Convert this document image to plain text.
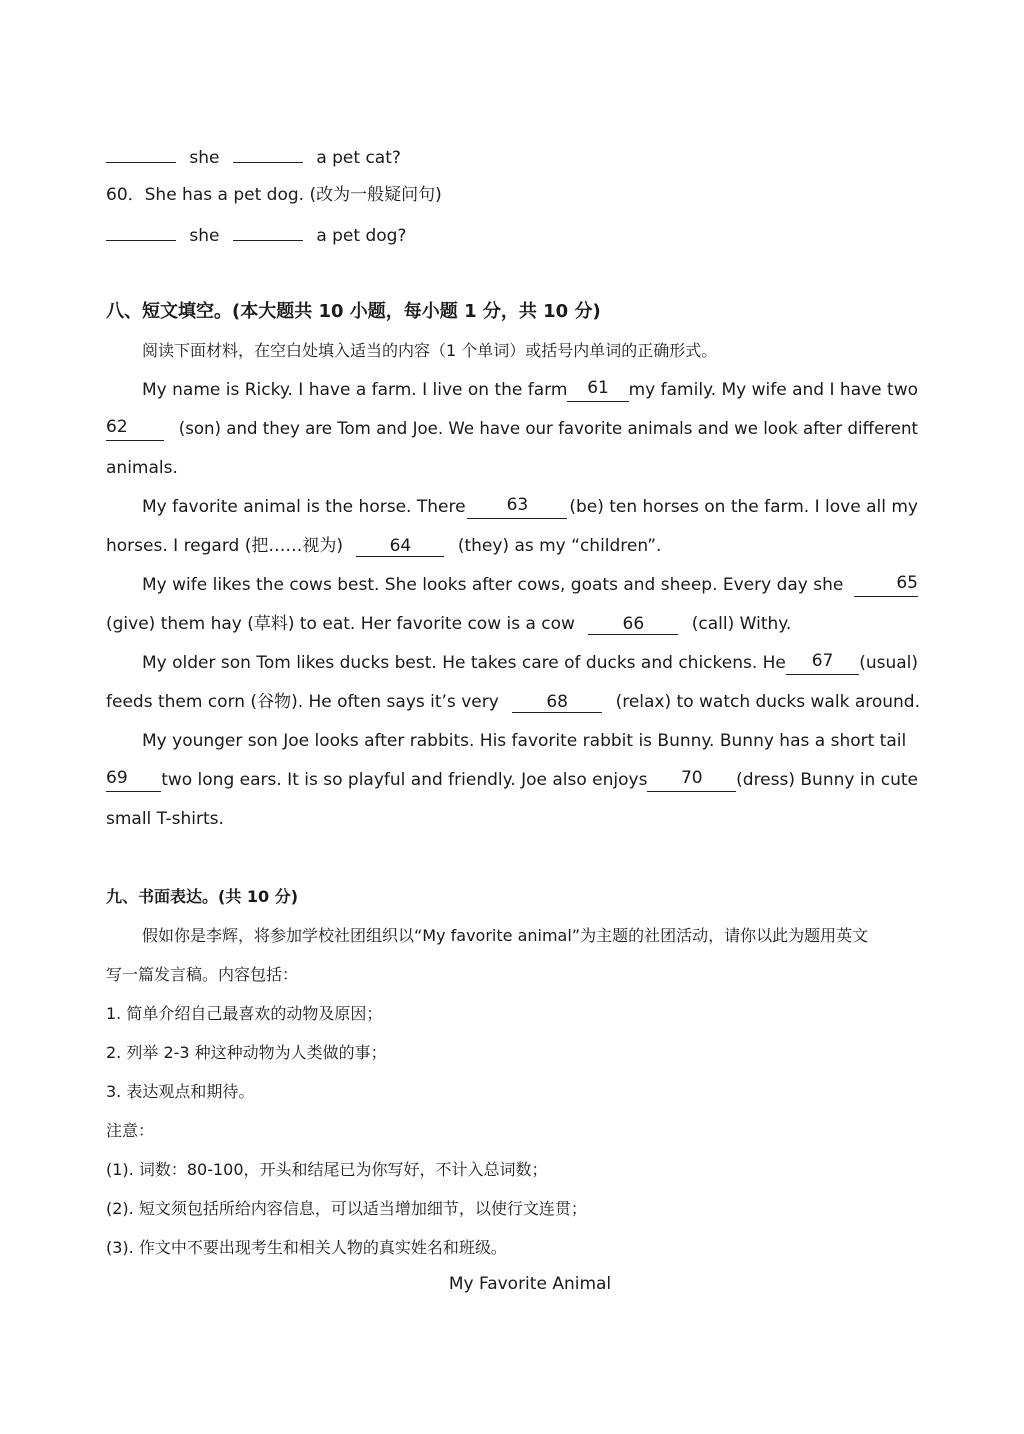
she	a pet cat?
60．She has a pet dog. (改为一般疑问句)
she	a pet dog?
八、短文填空。(本大题共 10 小题，每小题 1 分，共 10 分)
阅读下面材料，在空白处填入适当的内容（1 个单词）或括号内单词的正确形式。
My name is Ricky. I have a farm. I live on the farm	61	my family. My wife and I have two
62	(son) and they are Tom and Joe. We have our favorite animals and we look after different
animals.
My favorite animal is the horse. There	63	(be) ten horses on the farm. I love all my
horses. I regard (把……视为)	64	(they) as my “children”.
My wife likes the cows best. She looks after cows, goats and sheep. Every day she	65
(give) them hay (草料) to eat. Her favorite cow is a cow	66	(call) Withy.
My older son Tom likes ducks best. He takes care of ducks and chickens. He	67	(usual)
feeds them corn (谷物). He often says it’s very	68	(relax) to watch ducks walk around.
My younger son Joe looks after rabbits. His favorite rabbit is Bunny. Bunny has a short tail
69	two long ears. It is so playful and friendly. Joe also enjoys	70	(dress) Bunny in cute
small T-shirts.
九、书面表达。(共 10 分)
假如你是李辉，将参加学校社团组织以“My favorite animal”为主题的社团活动，请你以此为题用英文
写一篇发言稿。内容包括：
1. 简单介绍自己最喜欢的动物及原因；
2. 列举 2-3 种这种动物为人类做的事；
3. 表达观点和期待。
注意：
(1). 词数：80-100，开头和结尾已为你写好，不计入总词数；
(2). 短文须包括所给内容信息，可以适当增加细节，以使行文连贯；
(3). 作文中不要出现考生和相关人物的真实姓名和班级。
My Favorite Animal
